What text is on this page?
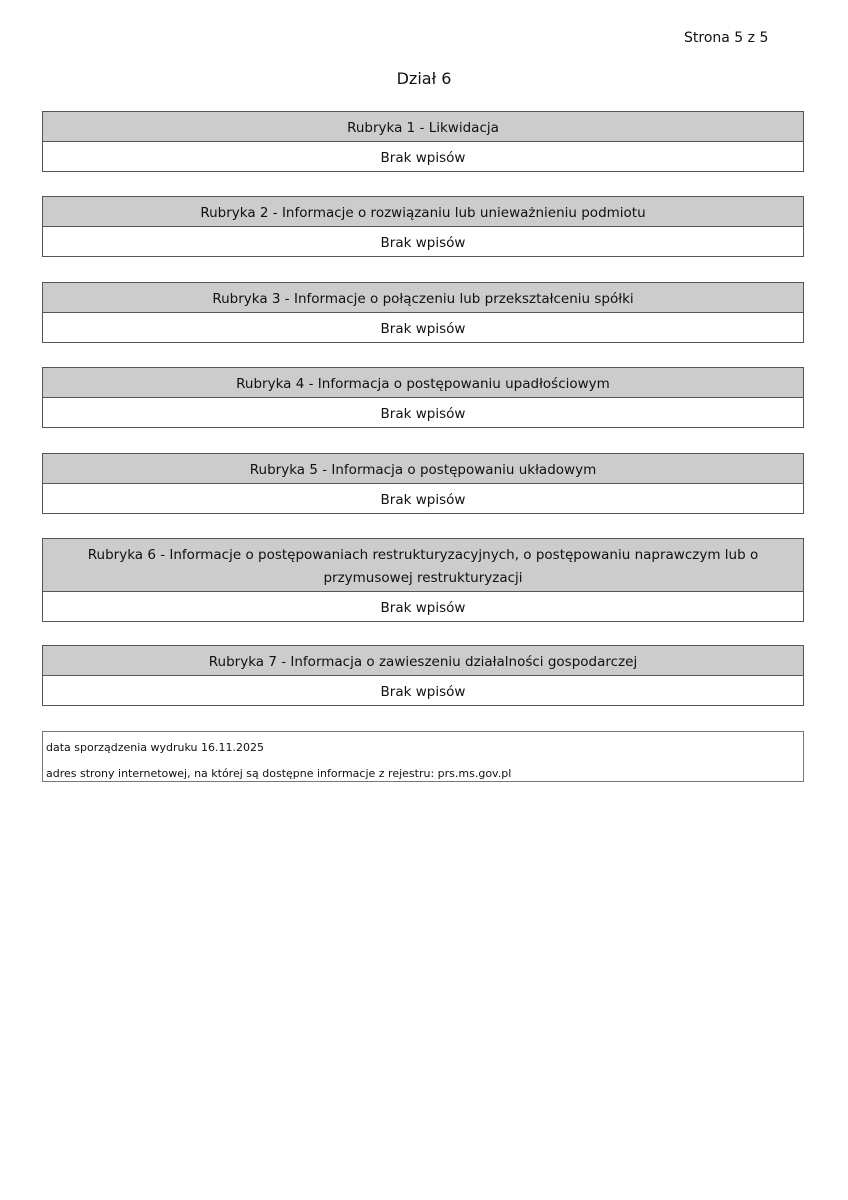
Strona 5 z 5
Dział 6
Rubryka 1 - Likwidacja
Brak wpisów
Rubryka 2 - Informacje o rozwiązaniu lub unieważnieniu podmiotu
Brak wpisów
Rubryka 3 - Informacje o połączeniu lub przekształceniu spółki
Brak wpisów
Rubryka 4 - Informacja o postępowaniu upadłościowym
Brak wpisów
Rubryka 5 - Informacja o postępowaniu układowym
Brak wpisów
Rubryka 6 - Informacje o postępowaniach restrukturyzacyjnych, o postępowaniu naprawczym lub o przymusowej restrukturyzacji
Brak wpisów
Rubryka 7 - Informacja o zawieszeniu działalności gospodarczej
Brak wpisów
data sporządzenia wydruku 16.11.2025
adres strony internetowej, na której są dostępne informacje z rejestru: prs.ms.gov.pl
